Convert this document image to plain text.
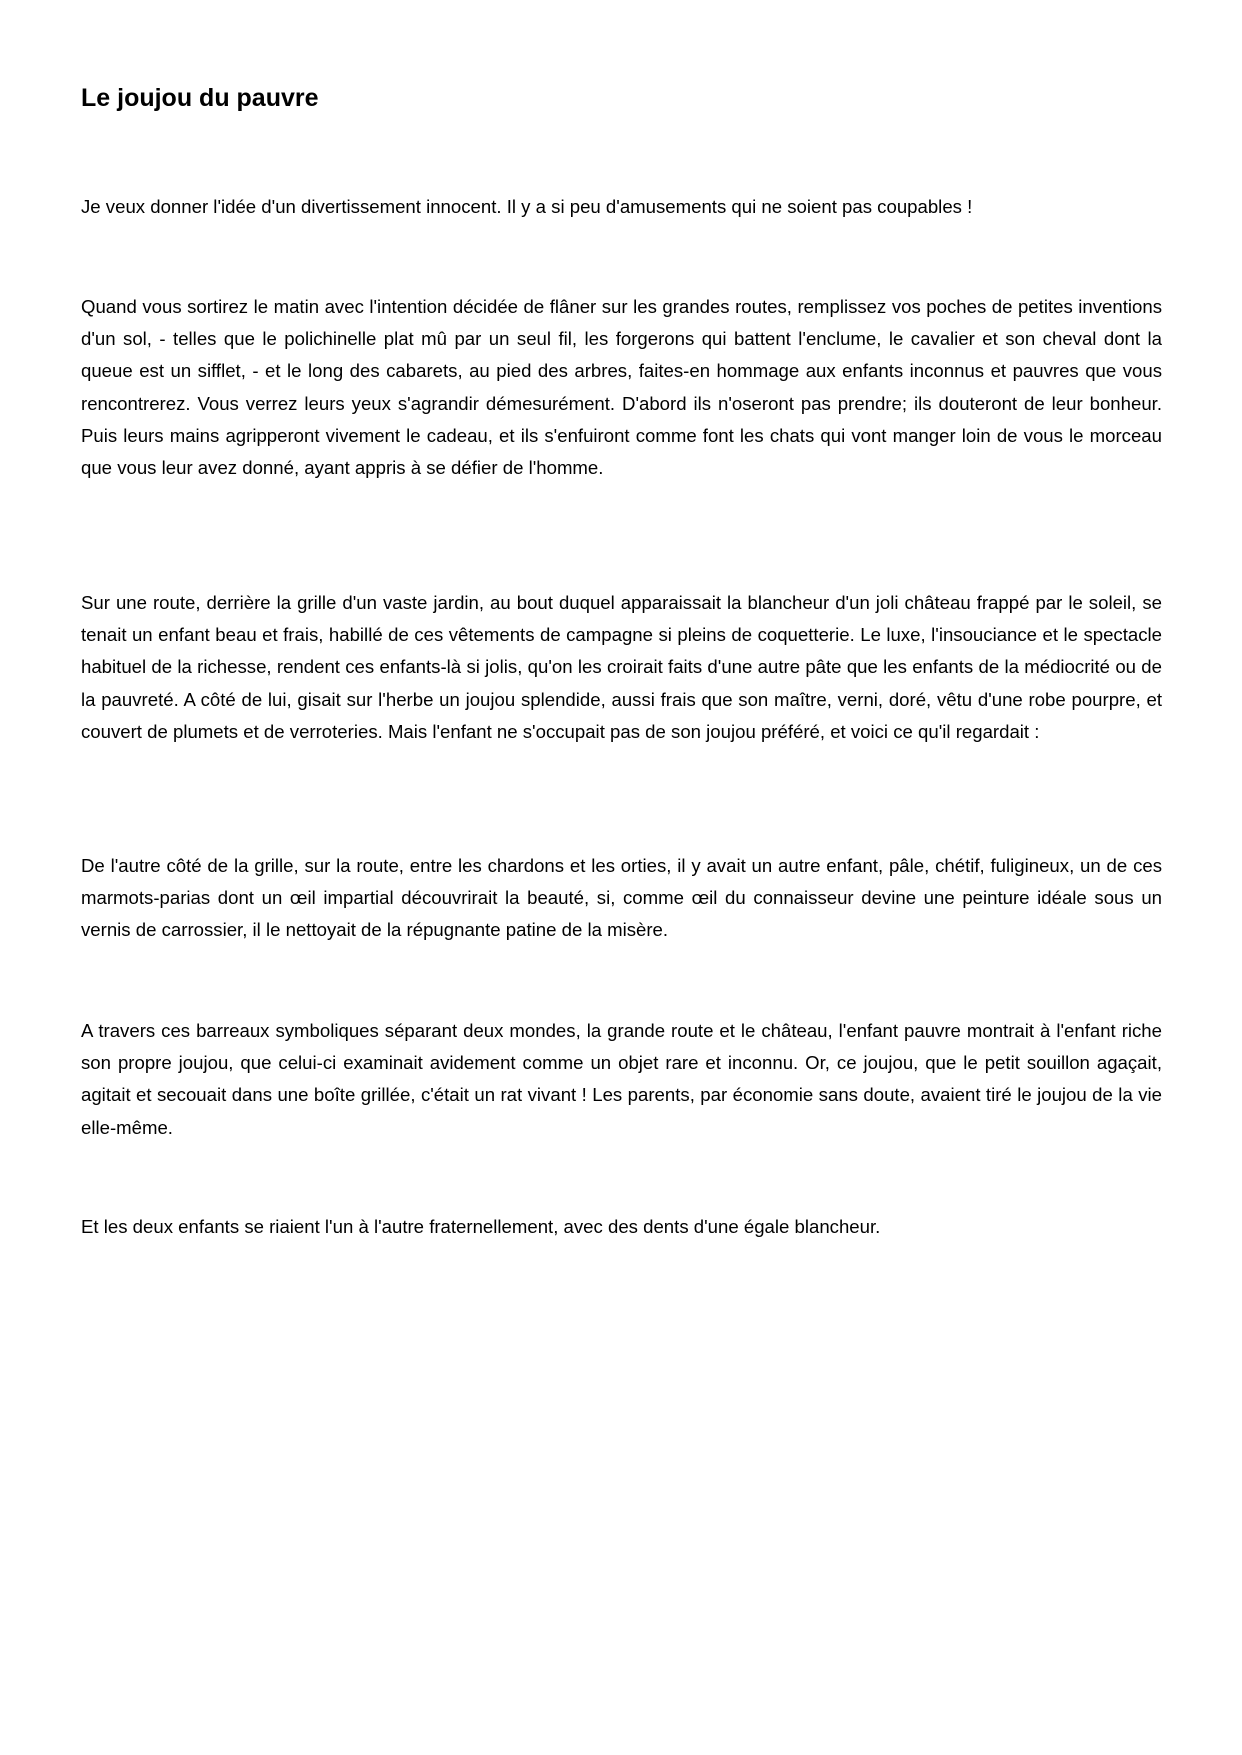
Le joujou du pauvre

Je veux donner l'idée d'un divertissement innocent. Il y a si peu d'amusements qui ne soient pas coupables !

Quand vous sortirez le matin avec l'intention décidée de flâner sur les grandes routes, remplissez vos poches de petites inventions d'un sol, - telles que le polichinelle plat mû par un seul fil, les forgerons qui battent l'enclume, le cavalier et son cheval dont la queue est un sifflet, - et le long des cabarets, au pied des arbres, faites-en hommage aux enfants inconnus et pauvres que vous rencontrerez. Vous verrez leurs yeux s'agrandir démesurément. D'abord ils n'oseront pas prendre; ils douteront de leur bonheur. Puis leurs mains agripperont vivement le cadeau, et ils s'enfuiront comme font les chats qui vont manger loin de vous le morceau que vous leur avez donné, ayant appris à se défier de l'homme.

Sur une route, derrière la grille d'un vaste jardin, au bout duquel apparaissait la blancheur d'un joli château frappé par le soleil, se tenait un enfant beau et frais, habillé de ces vêtements de campagne si pleins de coquetterie. Le luxe, l'insouciance et le spectacle habituel de la richesse, rendent ces enfants-là si jolis, qu'on les croirait faits d'une autre pâte que les enfants de la médiocrité ou de la pauvreté. A côté de lui, gisait sur l'herbe un joujou splendide, aussi frais que son maître, verni, doré, vêtu d'une robe pourpre, et couvert de plumets et de verroteries. Mais l'enfant ne s'occupait pas de son joujou préféré, et voici ce qu'il regardait :

De l'autre côté de la grille, sur la route, entre les chardons et les orties, il y avait un autre enfant, pâle, chétif, fuligineux, un de ces marmots-parias dont un œil impartial découvrirait la beauté, si, comme œil du connaisseur devine une peinture idéale sous un vernis de carrossier, il le nettoyait de la répugnante patine de la misère.

A travers ces barreaux symboliques séparant deux mondes, la grande route et le château, l'enfant pauvre montrait à l'enfant riche son propre joujou, que celui-ci examinait avidement comme un objet rare et inconnu. Or, ce joujou, que le petit souillon agaçait, agitait et secouait dans une boîte grillée, c'était un rat vivant ! Les parents, par économie sans doute, avaient tiré le joujou de la vie elle-même.

Et les deux enfants se riaient l'un à l'autre fraternellement, avec des dents d'une égale blancheur.
